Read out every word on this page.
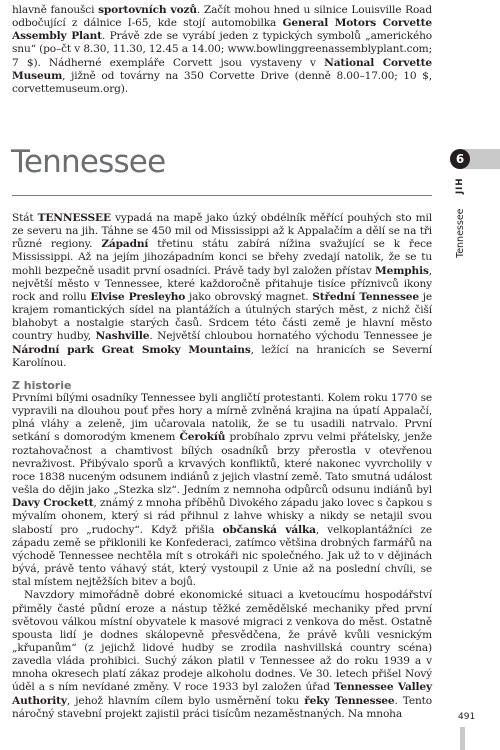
hlavně fanoušci sportovních vozů. Začít mohou hned u silnice Louisville Road odbočující z dálnice I-65, kde stojí automobilka General Motors Corvette Assembly Plant. Právě zde se vyrábí jeden z typických symbolů „amerického snu“ (po–čt v 8.30, 11.30, 12.45 a 14.00; www.bowlinggreenassemblyplant.com; 7 $). Nádherné exempláře Corvett jsou vystaveny v National Corvette Museum, jižně od továrny na 350 Corvette Drive (denně 8.00–17.00; 10 $, corvettemuseum.org).

Tennessee

Stát TENNESSEE vypadá na mapě jako úzký obdélník měřící pouhých sto mil ze severu na jih. Táhne se 450 mil od Mississippi až k Appalačím a dělí se na tři různé regiony. Západní třetinu státu zabírá nížina svažující se k řece Mississippi. Až na jejím jihozápadním konci se břehy zvedají natolik, že se tu mohli bezpečně usadit první osadníci. Právě tady byl založen přístav Memphis, největší město v Tennessee, které každoročně přitahuje tisíce příznivců ikony rock and rollu Elvise Presleyho jako obrovský magnet. Střední Tennessee je krajem romantických sídel na plantážích a útulných starých měst, z nichž čiší blahobyt a nostalgie starých časů. Srdcem této části země je hlavní město country hudby, Nashville. Největší chloubou hornatého východu Tennessee je Národní park Great Smoky Mountains, ležící na hranicích se Severní Karolínou.

Z historie

Prvními bílými osadníky Tennessee byli angličtí protestanti. Kolem roku 1770 se vypravili na dlouhou pouť přes hory a mírně zvlněná krajina na úpatí Appalačí, plná vláhy a zeleně, jim učarovala natolik, že se tu usadili natrvalo. První setkání s domorodým kmenem Čerokíů probíhalo zprvu velmi přátelsky, jenže roztahovačnost a chamtivost bílých osadníků brzy přerostla v otevřenou nevraživost. Přibývalo sporů a krvavých konfliktů, které nakonec vyvrcholily v roce 1838 nuceným odsunem indiánů z jejich vlastní země. Tato smutná událost vešla do dějin jako „Stezka slz“. Jedním z nemnoha odpůrců odsunu indiánů byl Davy Crockett, známý z mnoha příběhů Divokého západu jako lovec s čapkou s mývalím ohonem, který si rád přihnul z lahve whisky a nikdy se netajil svou slabostí pro „rudochy“. Když přišla občanská válka, velkoplantážníci ze západu země se přiklonili ke Konfederaci, zatímco většina drobných farmářů na východě Tennessee nechtěla mít s otrokáři nic společného. Jak už to v dějinách bývá, právě tento váhavý stát, který vystoupil z Unie až na poslední chvíli, se stal místem nejtěžších bitev a bojů.

Navzdory mimořádně dobré ekonomické situaci a kvetoucímu hospodářství přiměly časté půdní eroze a nástup těžké zemědělské mechaniky před první světovou válkou místní obyvatele k masové migraci z venkova do měst. Ostatně spousta lidí je dodnes skálopevně přesvědčena, že právě kvůli vesnickým „křupanům“ (z jejichž lidové hudby se zrodila nashvillská country scéna) zavedla vláda prohibici. Suchý zákon platil v Tennessee až do roku 1939 a v mnoha okresech platí zákaz prodeje alkoholu dodnes. Ve 30. letech přišel Nový úděl a s ním nevídané změny. V roce 1933 byl založen úřad Tennessee Valley Authority, jehož hlavním cílem bylo usměrnění toku řeky Tennessee. Tento náročný stavební projekt zajistil práci tisícům nezaměstnaných. Na mnoha

6
JIH
Tennessee
491
